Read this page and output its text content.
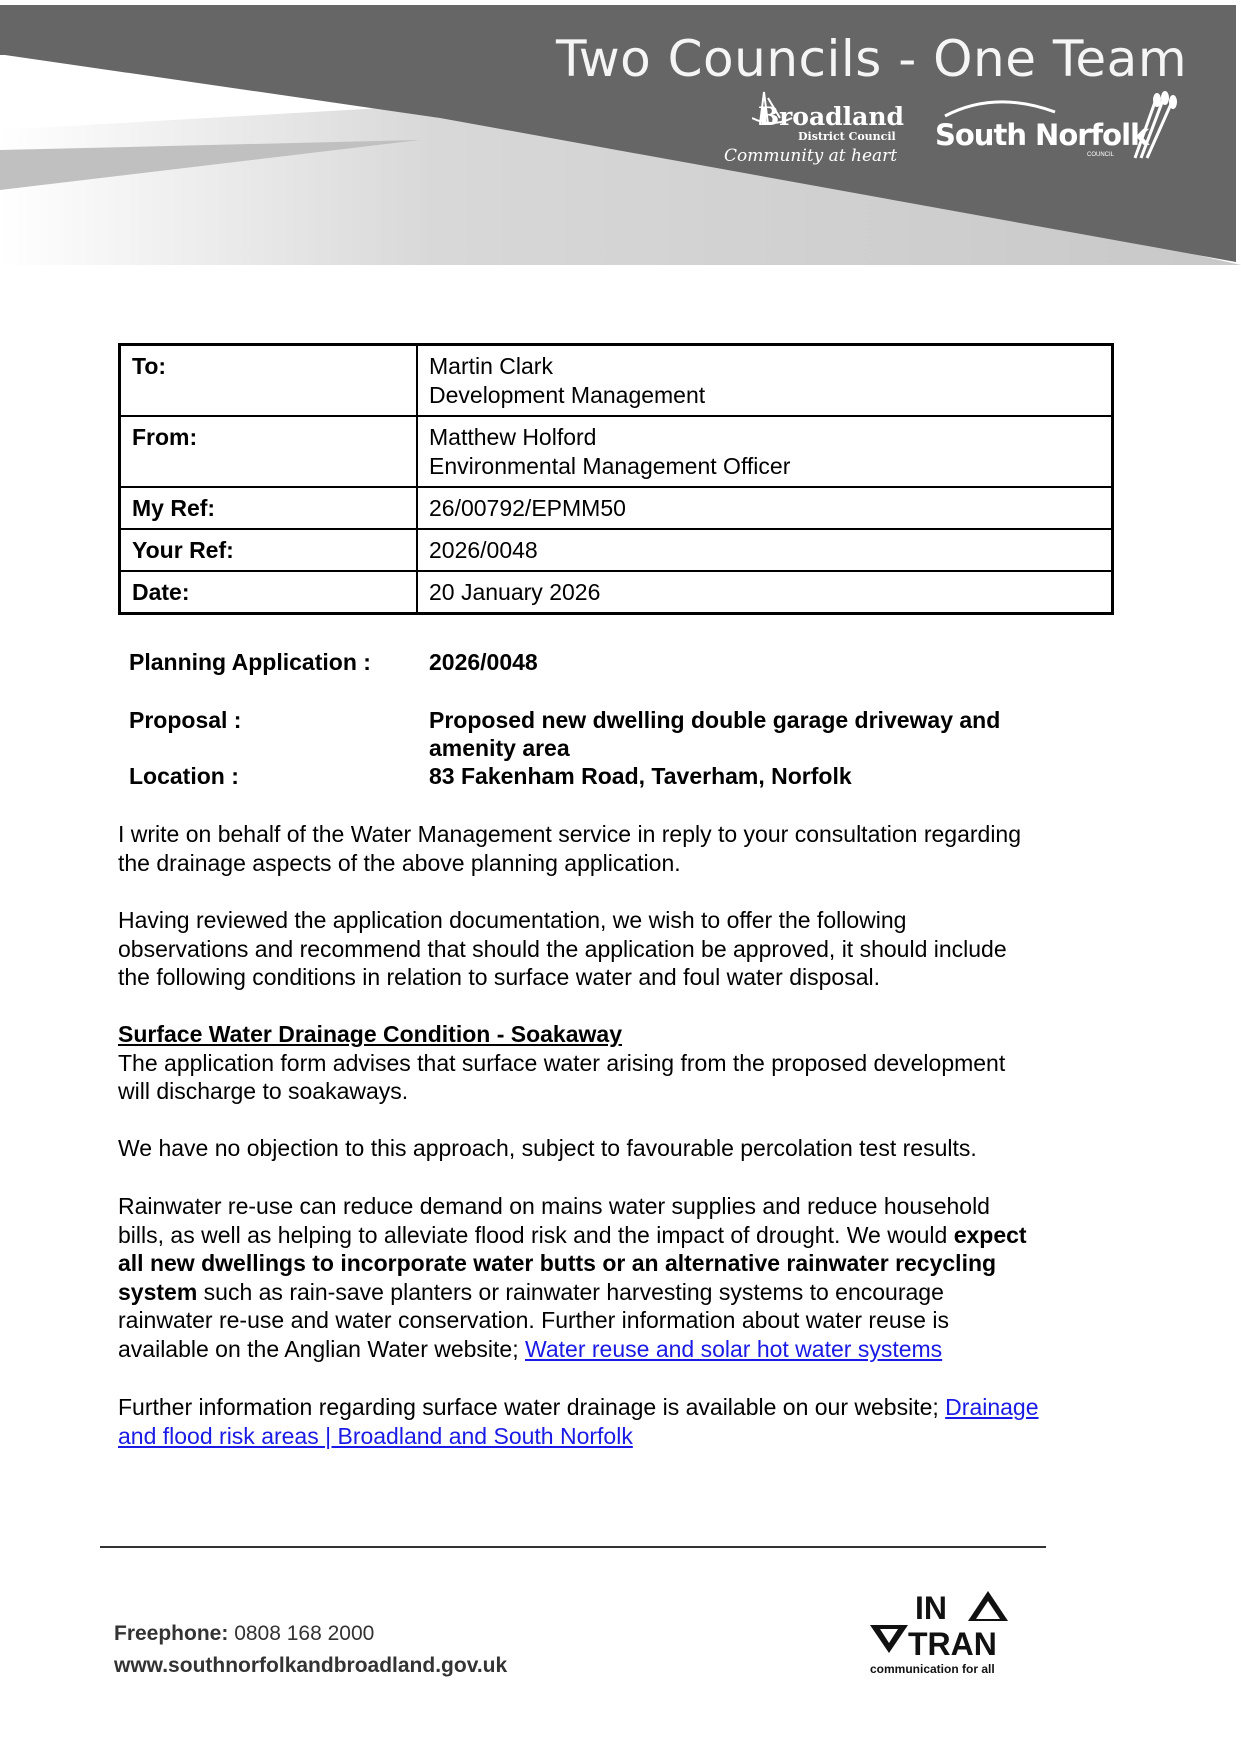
Two Councils - One Team
Broadland
District Council
Community at heart
South Norfolk
COUNCIL
To:	Martin Clark
Development Management

From:	Matthew Holford
Environmental Management Officer

My Ref:	26/00792/EPMM50
Your Ref:	2026/0048
Date:	20 January 2026
Planning Application :	2026/0048
Proposal :	Proposed new dwelling double garage driveway and
amenity area
Location :	83 Fakenham Road, Taverham, Norfolk
I write on behalf of the Water Management service in reply to your consultation regarding
the drainage aspects of the above planning application.
Having reviewed the application documentation, we wish to offer the following
observations and recommend that should the application be approved, it should include
the following conditions in relation to surface water and foul water disposal.
Surface Water Drainage Condition - Soakaway
The application form advises that surface water arising from the proposed development
will discharge to soakaways.
We have no objection to this approach, subject to favourable percolation test results.
Rainwater re-use can reduce demand on mains water supplies and reduce household
bills, as well as helping to alleviate flood risk and the impact of drought. We would expect
all new dwellings to incorporate water butts or an alternative rainwater recycling
system such as rain-save planters or rainwater harvesting systems to encourage
rainwater re-use and water conservation. Further information about water reuse is
available on the Anglian Water website; Water reuse and solar hot water systems
Further information regarding surface water drainage is available on our website; Drainage
and flood risk areas | Broadland and South Norfolk
Freephone: 0808 168 2000
www.southnorfolkandbroadland.gov.uk
IN
TRAN
communication for all
